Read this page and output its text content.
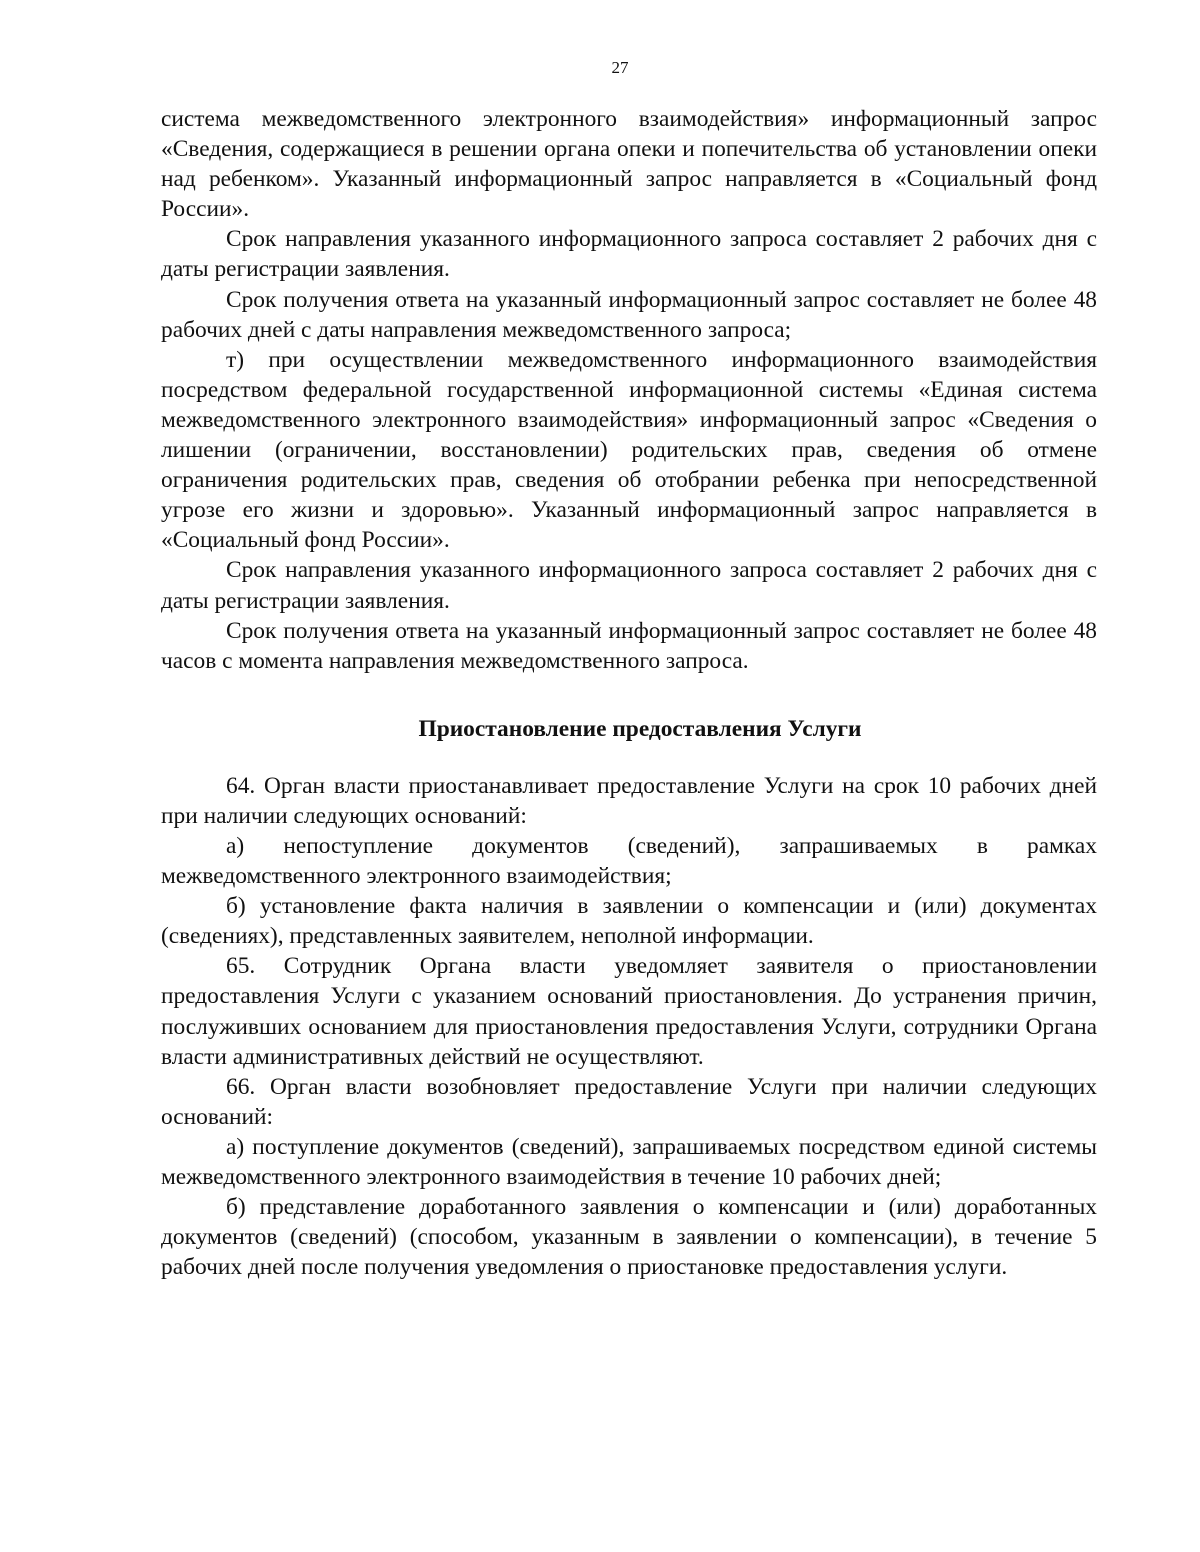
27

система межведомственного электронного взаимодействия» информационный запрос «Сведения, содержащиеся в решении органа опеки и попечительства об установлении опеки над ребенком». Указанный информационный запрос направляется в «Социальный фонд России».

Срок направления указанного информационного запроса составляет 2 рабочих дня с даты регистрации заявления.

Срок получения ответа на указанный информационный запрос составляет не более 48 рабочих дней с даты направления межведомственного запроса;

т) при осуществлении межведомственного информационного взаимодействия посредством федеральной государственной информационной системы «Единая система межведомственного электронного взаимодействия» информационный запрос «Сведения о лишении (ограничении, восстановлении) родительских прав, сведения об отмене ограничения родительских прав, сведения об отобрании ребенка при непосредственной угрозе его жизни и здоровью». Указанный информационный запрос направляется в «Социальный фонд России».

Срок направления указанного информационного запроса составляет 2 рабочих дня с даты регистрации заявления.

Срок получения ответа на указанный информационный запрос составляет не более 48 часов с момента направления межведомственного запроса.

Приостановление предоставления Услуги

64. Орган власти приостанавливает предоставление Услуги на срок 10 рабочих дней при наличии следующих оснований:

а) непоступление документов (сведений), запрашиваемых в рамках межведомственного электронного взаимодействия;

б) установление факта наличия в заявлении о компенсации и (или) документах (сведениях), представленных заявителем, неполной информации.

65. Сотрудник Органа власти уведомляет заявителя о приостановлении предоставления Услуги с указанием оснований приостановления. До устранения причин, послуживших основанием для приостановления предоставления Услуги, сотрудники Органа власти административных действий не осуществляют.

66. Орган власти возобновляет предоставление Услуги при наличии следующих оснований:

а) поступление документов (сведений), запрашиваемых посредством единой системы межведомственного электронного взаимодействия в течение 10 рабочих дней;

б) представление доработанного заявления о компенсации и (или) доработанных документов (сведений) (способом, указанным в заявлении о компенсации), в течение 5 рабочих дней после получения уведомления о приостановке предоставления услуги.
